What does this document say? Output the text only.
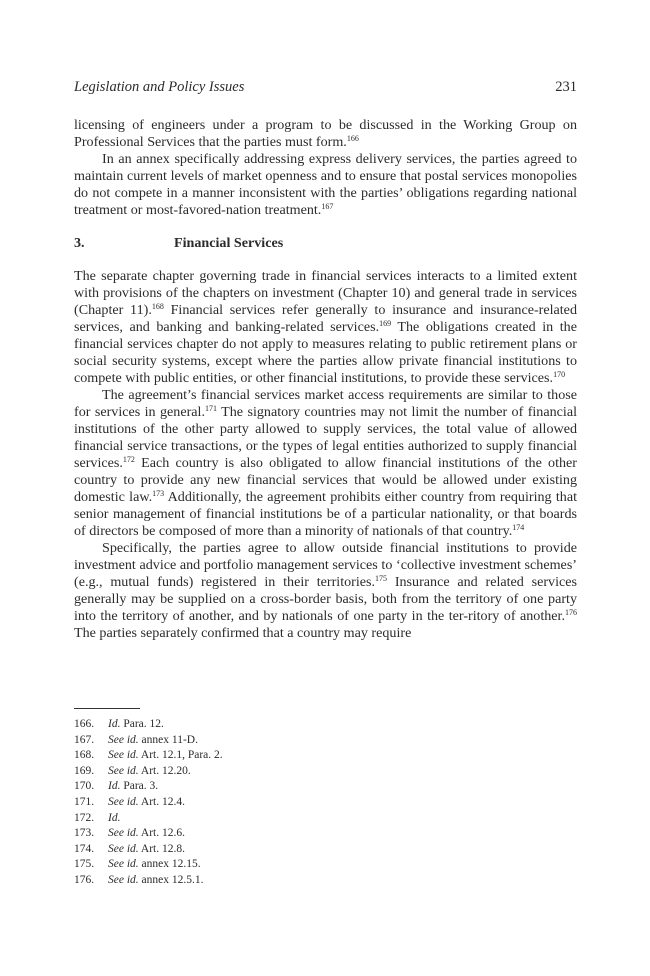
Legislation and Policy Issues	231

licensing of engineers under a program to be discussed in the Working Group on Professional Services that the parties must form.$^{166}$

In an annex specifically addressing express delivery services, the parties agreed to maintain current levels of market openness and to ensure that postal services monopolies do not compete in a manner inconsistent with the parties’ obligations regarding national treatment or most-favored-nation treatment.$^{167}$

3.	Financial Services

The separate chapter governing trade in financial services interacts to a limited extent with provisions of the chapters on investment (Chapter 10) and general trade in services (Chapter 11).$^{168}$ Financial services refer generally to insurance and insurance-related services, and banking and banking-related services.$^{169}$ The obligations created in the financial services chapter do not apply to measures relating to public retirement plans or social security systems, except where the parties allow private financial institutions to compete with public entities, or other financial institutions, to provide these services.$^{170}$

The agreement’s financial services market access requirements are similar to those for services in general.$^{171}$ The signatory countries may not limit the number of financial institutions of the other party allowed to supply services, the total value of allowed financial service transactions, or the types of legal entities authorized to supply financial services.$^{172}$ Each country is also obligated to allow financial institutions of the other country to provide any new financial services that would be allowed under existing domestic law.$^{173}$ Additionally, the agreement prohibits either country from requiring that senior management of financial institutions be of a particular nationality, or that boards of directors be composed of more than a minority of nationals of that country.$^{174}$

Specifically, the parties agree to allow outside financial institutions to provide investment advice and portfolio management services to ‘collective investment schemes’ (e.g., mutual funds) registered in their territories.$^{175}$ Insurance and related services generally may be supplied on a cross-border basis, both from the territory of one party into the territory of another, and by nationals of one party in the ter-ritory of another.$^{176}$ The parties separately confirmed that a country may require

166.	Id. Para. 12.
167.	See id. annex 11-D.
168.	See id. Art. 12.1, Para. 2.
169.	See id. Art. 12.20.
170.	Id. Para. 3.
171.	See id. Art. 12.4.
172.	Id.
173.	See id. Art. 12.6.
174.	See id. Art. 12.8.
175.	See id. annex 12.15.
176.	See id. annex 12.5.1.
